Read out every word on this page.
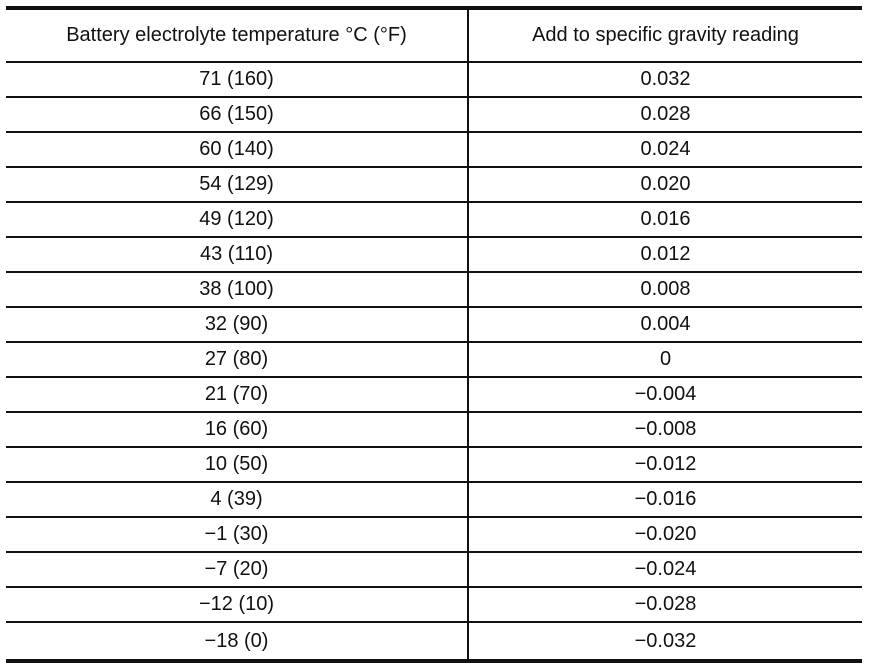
Battery electrolyte temperature °C (°F)	Add to specific gravity reading
71 (160)	0.032
66 (150)	0.028
60 (140)	0.024
54 (129)	0.020
49 (120)	0.016
43 (110)	0.012
38 (100)	0.008
32 (90)	0.004
27 (80)	0
21 (70)	−0.004
16 (60)	−0.008
10 (50)	−0.012
4 (39)	−0.016
−1 (30)	−0.020
−7 (20)	−0.024
−12 (10)	−0.028
−18 (0)	−0.032
